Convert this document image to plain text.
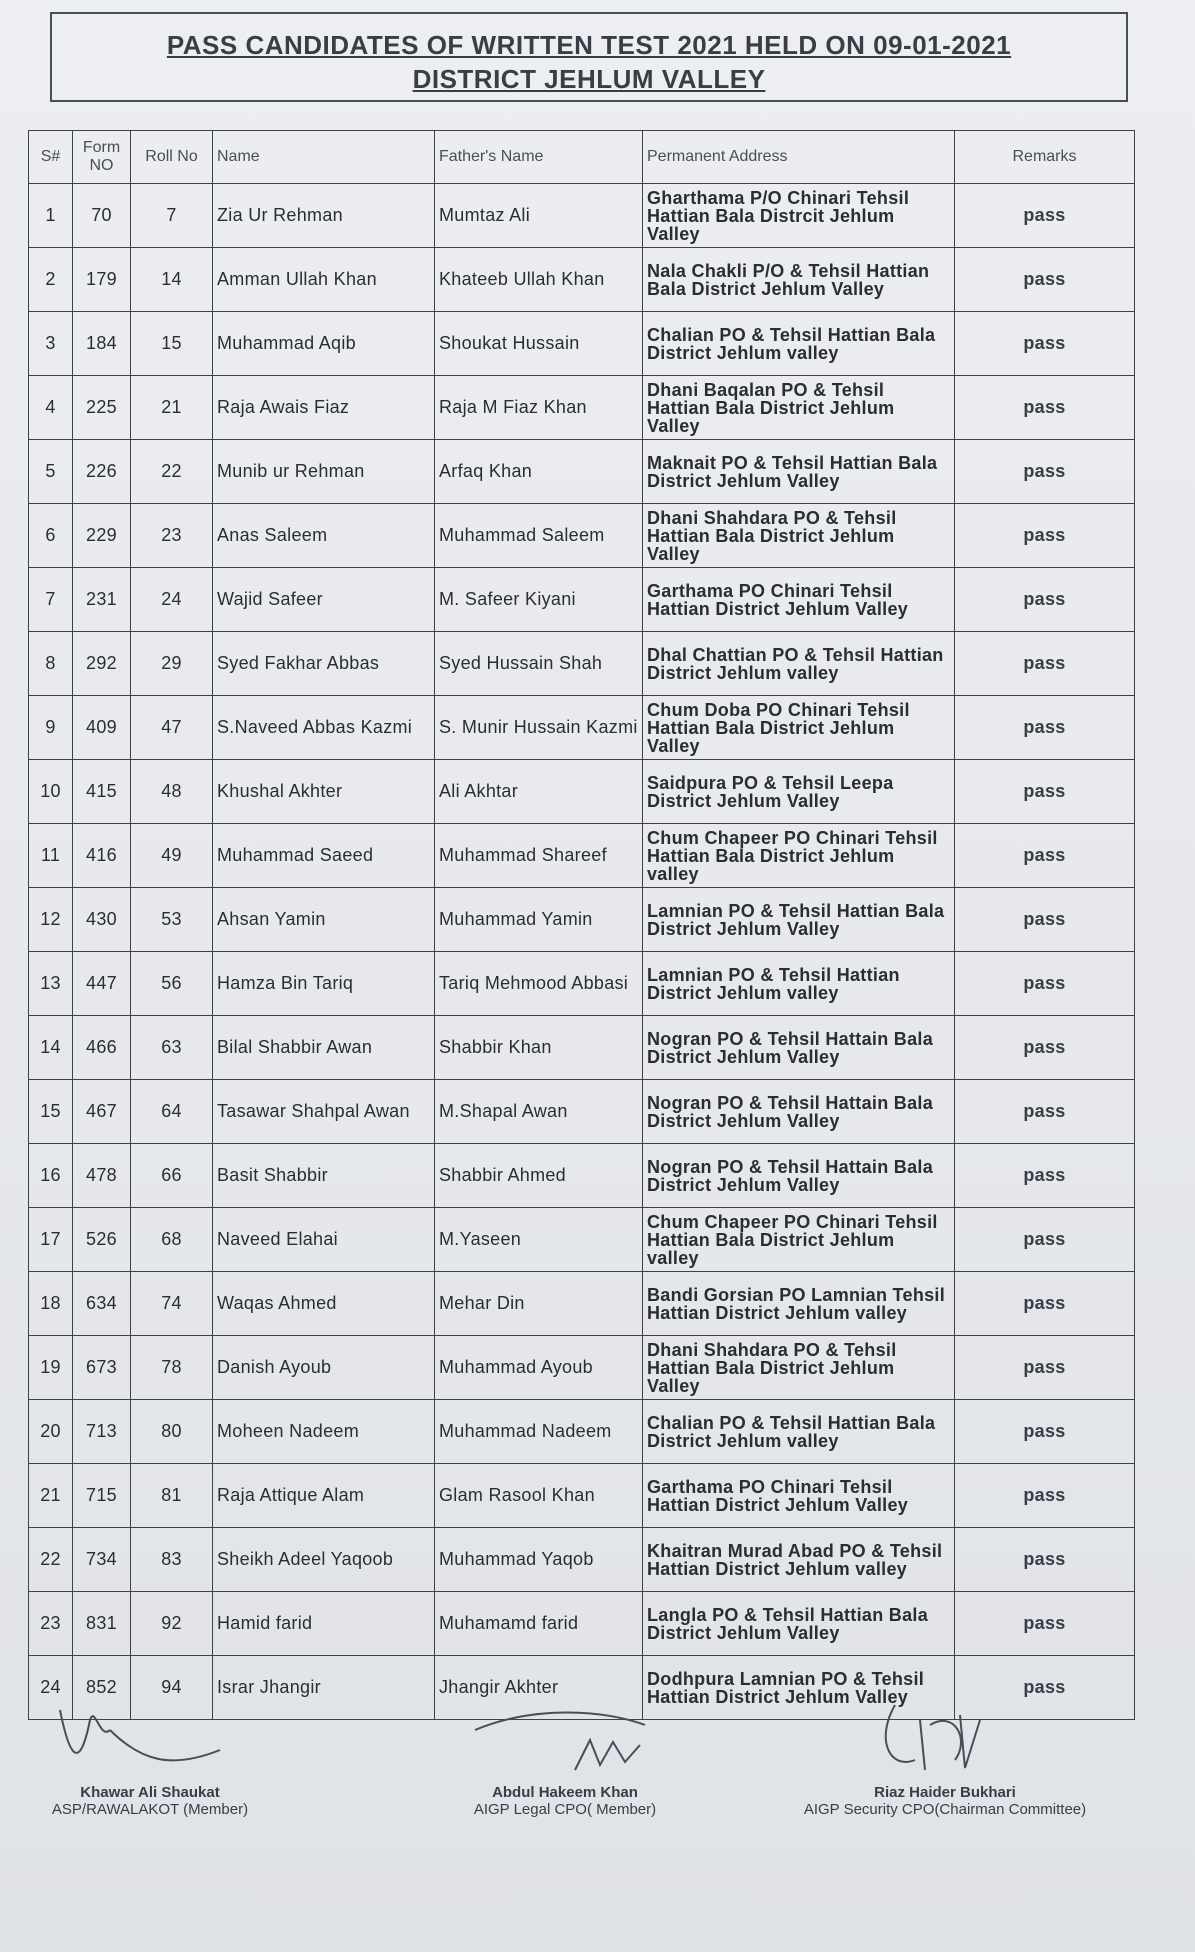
PASS CANDIDATES OF WRITTEN TEST 2021 HELD ON 09-01-2021
DISTRICT JEHLUM VALLEY
S#	Form NO	Roll No	Name	Father's Name	Permanent Address	Remarks
1	70	7	Zia Ur Rehman	Mumtaz Ali	Gharthama P/O Chinari Tehsil Hattian Bala Distrcit Jehlum Valley	pass
2	179	14	Amman Ullah Khan	Khateeb Ullah Khan	Nala Chakli P/O & Tehsil Hattian Bala District Jehlum Valley	pass
3	184	15	Muhammad Aqib	Shoukat Hussain	Chalian PO & Tehsil Hattian Bala District Jehlum valley	pass
4	225	21	Raja Awais Fiaz	Raja M Fiaz Khan	Dhani Baqalan PO & Tehsil Hattian Bala District Jehlum Valley	pass
5	226	22	Munib ur Rehman	Arfaq Khan	Maknait PO & Tehsil Hattian Bala District Jehlum Valley	pass
6	229	23	Anas Saleem	Muhammad Saleem	Dhani Shahdara PO & Tehsil Hattian Bala District Jehlum Valley	pass
7	231	24	Wajid Safeer	M. Safeer Kiyani	Garthama PO Chinari Tehsil Hattian District Jehlum Valley	pass
8	292	29	Syed Fakhar Abbas	Syed Hussain Shah	Dhal Chattian PO & Tehsil Hattian District Jehlum valley	pass
9	409	47	S.Naveed Abbas Kazmi	S. Munir Hussain Kazmi	Chum Doba PO Chinari Tehsil Hattian Bala District Jehlum Valley	pass
10	415	48	Khushal Akhter	Ali Akhtar	Saidpura PO & Tehsil Leepa District Jehlum Valley	pass
11	416	49	Muhammad Saeed	Muhammad Shareef	Chum Chapeer PO Chinari Tehsil Hattian Bala District Jehlum valley	pass
12	430	53	Ahsan Yamin	Muhammad Yamin	Lamnian PO & Tehsil Hattian Bala District Jehlum Valley	pass
13	447	56	Hamza Bin Tariq	Tariq Mehmood Abbasi	Lamnian PO & Tehsil Hattian District Jehlum valley	pass
14	466	63	Bilal Shabbir Awan	Shabbir Khan	Nogran PO & Tehsil Hattain Bala District Jehlum Valley	pass
15	467	64	Tasawar Shahpal Awan	M.Shapal Awan	Nogran PO & Tehsil Hattain Bala District Jehlum Valley	pass
16	478	66	Basit Shabbir	Shabbir Ahmed	Nogran PO & Tehsil Hattain Bala District Jehlum Valley	pass
17	526	68	Naveed Elahai	M.Yaseen	Chum Chapeer PO Chinari Tehsil Hattian Bala District Jehlum valley	pass
18	634	74	Waqas Ahmed	Mehar Din	Bandi Gorsian PO Lamnian Tehsil Hattian District Jehlum valley	pass
19	673	78	Danish Ayoub	Muhammad Ayoub	Dhani Shahdara PO & Tehsil Hattian Bala District Jehlum Valley	pass
20	713	80	Moheen Nadeem	Muhammad Nadeem	Chalian PO & Tehsil Hattian Bala District Jehlum valley	pass
21	715	81	Raja Attique Alam	Glam Rasool Khan	Garthama PO Chinari Tehsil Hattian District Jehlum Valley	pass
22	734	83	Sheikh Adeel Yaqoob	Muhammad Yaqob	Khaitran Murad Abad PO & Tehsil Hattian District Jehlum valley	pass
23	831	92	Hamid farid	Muhamamd farid	Langla PO & Tehsil Hattian Bala District Jehlum Valley	pass
24	852	94	Israr Jhangir	Jhangir Akhter	Dodhpura Lamnian PO & Tehsil Hattian District Jehlum Valley	pass
Khawar Ali Shaukat
ASP/RAWALAKOT (Member)
Abdul Hakeem Khan
AIGP Legal CPO( Member)
Riaz Haider Bukhari
AIGP Security CPO(Chairman Committee)
